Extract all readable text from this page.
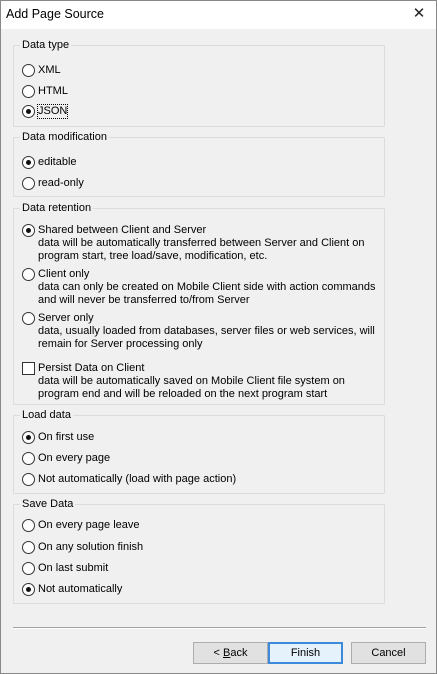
Add Page Source	✕
Data type
XML
HTML
JSON
Data modification
editable
read-only
Data retention
Shared between Client and Server
data will be automatically transferred between Server and Client on
program start, tree load/save, modification, etc.
Client only
data can only be created on Mobile Client side with action commands
and will never be transferred to/from Server
Server only
data, usually loaded from databases, server files or web services, will
remain for Server processing only
Persist Data on Client
data will be automatically saved on Mobile Client file system on
program end and will be reloaded on the next program start
Load data
On first use
On every page
Not automatically (load with page action)
Save Data
On every page leave
On any solution finish
On last submit
Not automatically
< B ack	Finish	Cancel
